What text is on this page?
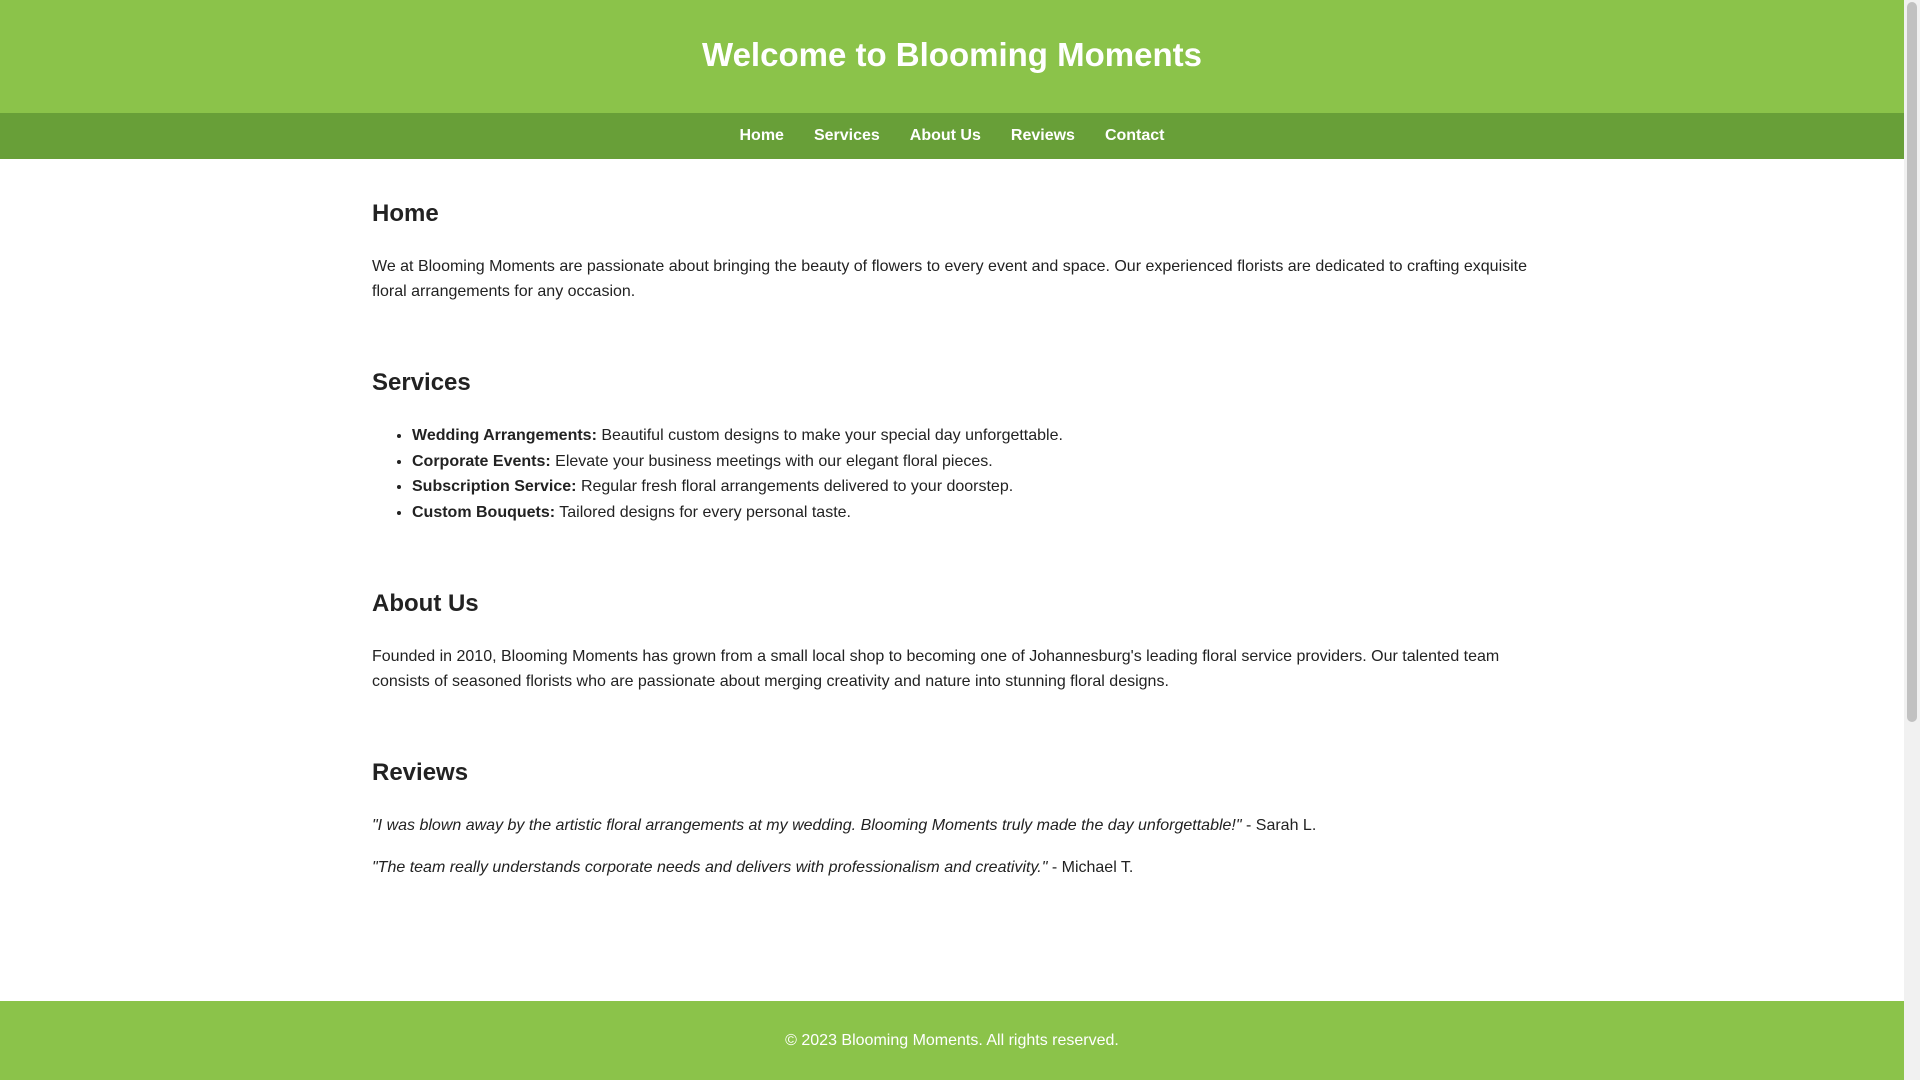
Welcome to Blooming Moments
Home Services About Us Reviews Contact
Home

We at Blooming Moments are passionate about bringing the beauty of flowers to every event and space. Our experienced florists are dedicated to crafting exquisite floral arrangements for any occasion.

Services
• Wedding Arrangements: Beautiful custom designs to make your special day unforgettable.
• Corporate Events: Elevate your business meetings with our elegant floral pieces.
• Subscription Service: Regular fresh floral arrangements delivered to your doorstep.
• Custom Bouquets: Tailored designs for every personal taste.
About Us

Founded in 2010, Blooming Moments has grown from a small local shop to becoming one of Johannesburg's leading floral service providers. Our talented team consists of seasoned florists who are passionate about merging creativity and nature into stunning floral designs.

Reviews

"I was blown away by the artistic floral arrangements at my wedding. Blooming Moments truly made the day unforgettable!" - Sarah L.

"The team really understands corporate needs and delivers with professionalism and creativity." - Michael T.

© 2023 Blooming Moments. All rights reserved.
